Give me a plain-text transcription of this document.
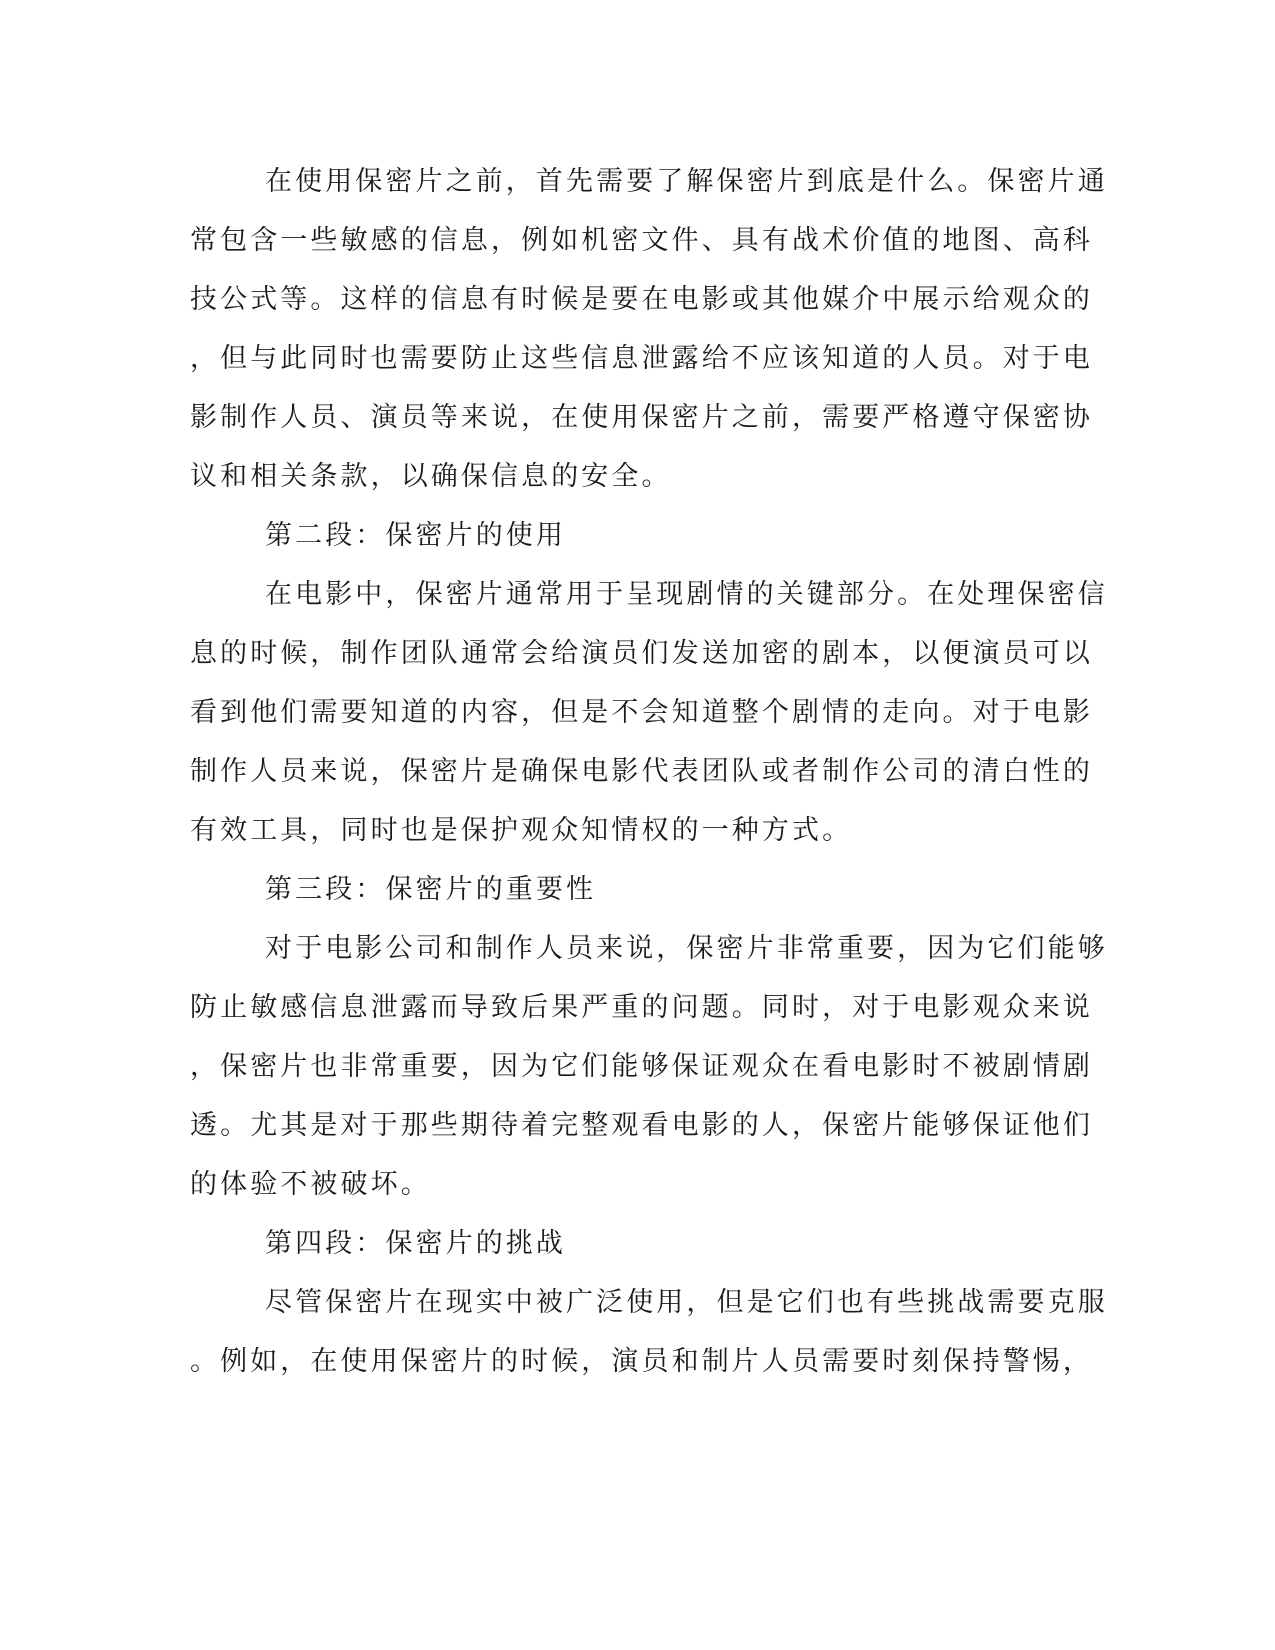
在使用保密片之前，首先需要了解保密片到底是什么。保密片通
常包含一些敏感的信息，例如机密文件、具有战术价值的地图、高科
技公式等。这样的信息有时候是要在电影或其他媒介中展示给观众的
，但与此同时也需要防止这些信息泄露给不应该知道的人员。对于电
影制作人员、演员等来说，在使用保密片之前，需要严格遵守保密协
议和相关条款，以确保信息的安全。
第二段：保密片的使用
在电影中，保密片通常用于呈现剧情的关键部分。在处理保密信
息的时候，制作团队通常会给演员们发送加密的剧本，以便演员可以
看到他们需要知道的内容，但是不会知道整个剧情的走向。对于电影
制作人员来说，保密片是确保电影代表团队或者制作公司的清白性的
有效工具，同时也是保护观众知情权的一种方式。
第三段：保密片的重要性
对于电影公司和制作人员来说，保密片非常重要，因为它们能够
防止敏感信息泄露而导致后果严重的问题。同时，对于电影观众来说
，保密片也非常重要，因为它们能够保证观众在看电影时不被剧情剧
透。尤其是对于那些期待着完整观看电影的人，保密片能够保证他们
的体验不被破坏。
第四段：保密片的挑战
尽管保密片在现实中被广泛使用，但是它们也有些挑战需要克服
。例如，在使用保密片的时候，演员和制片人员需要时刻保持警惕，
